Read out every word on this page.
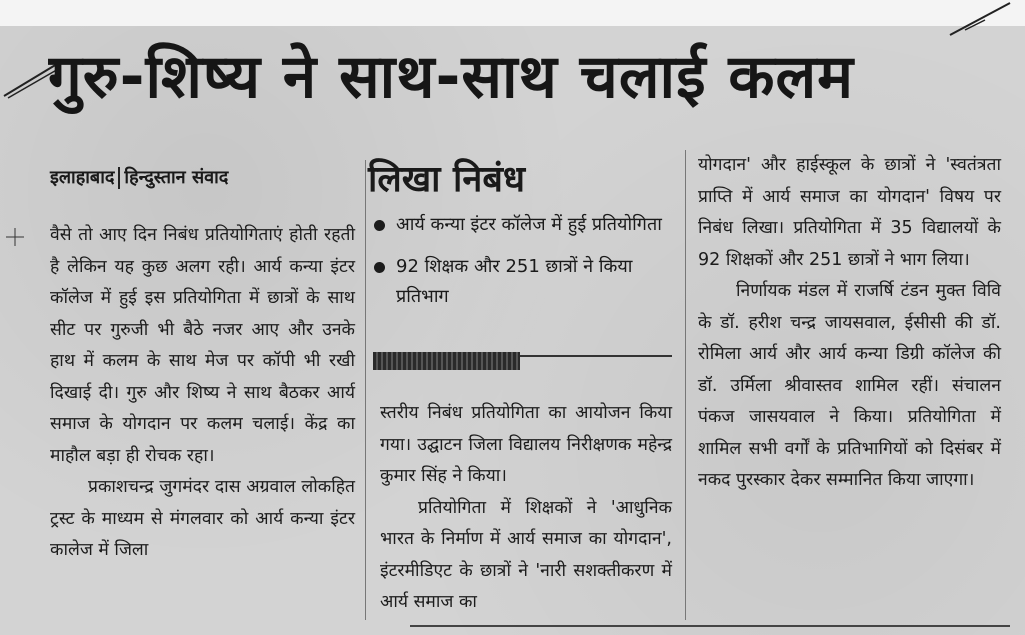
गुरु-शिष्य ने साथ-साथ चलाई कलम
इलाहाबाद हिन्दुस्तान संवाद

वैसे तो आए दिन निबंध प्रतियोगिताएं होती रहती है लेकिन यह कुछ अलग रही। आर्य कन्या इंटर कॉलेज में हुई इस प्रतियोगिता में छात्रों के साथ सीट पर गुरुजी भी बैठे नजर आए और उनके हाथ में कलम के साथ मेज पर कॉपी भी रखी दिखाई दी। गुरु और शिष्य ने साथ बैठकर आर्य समाज के योगदान पर कलम चलाई। केंद्र का माहौल बड़ा ही रोचक रहा।

प्रकाशचन्द्र जुगमंदर दास अग्रवाल लोकहित ट्रस्ट के माध्यम से मंगलवार को आर्य कन्या इंटर कालेज में जिला

लिखा निबंध
आर्य कन्या इंटर कॉलेज में हुई प्रतियोगिता
92 शिक्षक और 251 छात्रों ने किया प्रतिभाग

स्तरीय निबंध प्रतियोगिता का आयोजन किया गया। उद्घाटन जिला विद्यालय निरीक्षणक महेन्द्र कुमार सिंह ने किया।

प्रतियोगिता में शिक्षकों ने 'आधुनिक भारत के निर्माण में आर्य समाज का योगदान', इंटरमीडिएट के छात्रों ने 'नारी सशक्तीकरण में आर्य समाज का

योगदान' और हाईस्कूल के छात्रों ने 'स्वतंत्रता प्राप्ति में आर्य समाज का योगदान' विषय पर निबंध लिखा। प्रतियोगिता में 35 विद्यालयों के 92 शिक्षकों और 251 छात्रों ने भाग लिया।

निर्णायक मंडल में राजर्षि टंडन मुक्त विवि के डॉ. हरीश चन्द्र जायसवाल, ईसीसी की डॉ. रोमिला आर्य और आर्य कन्या डिग्री कॉलेज की डॉ. उर्मिला श्रीवास्तव शामिल रहीं। संचालन पंकज जासयवाल ने किया। प्रतियोगिता में शामिल सभी वर्गों के प्रतिभागियों को दिसंबर में नकद पुरस्कार देकर सम्मानित किया जाएगा।
